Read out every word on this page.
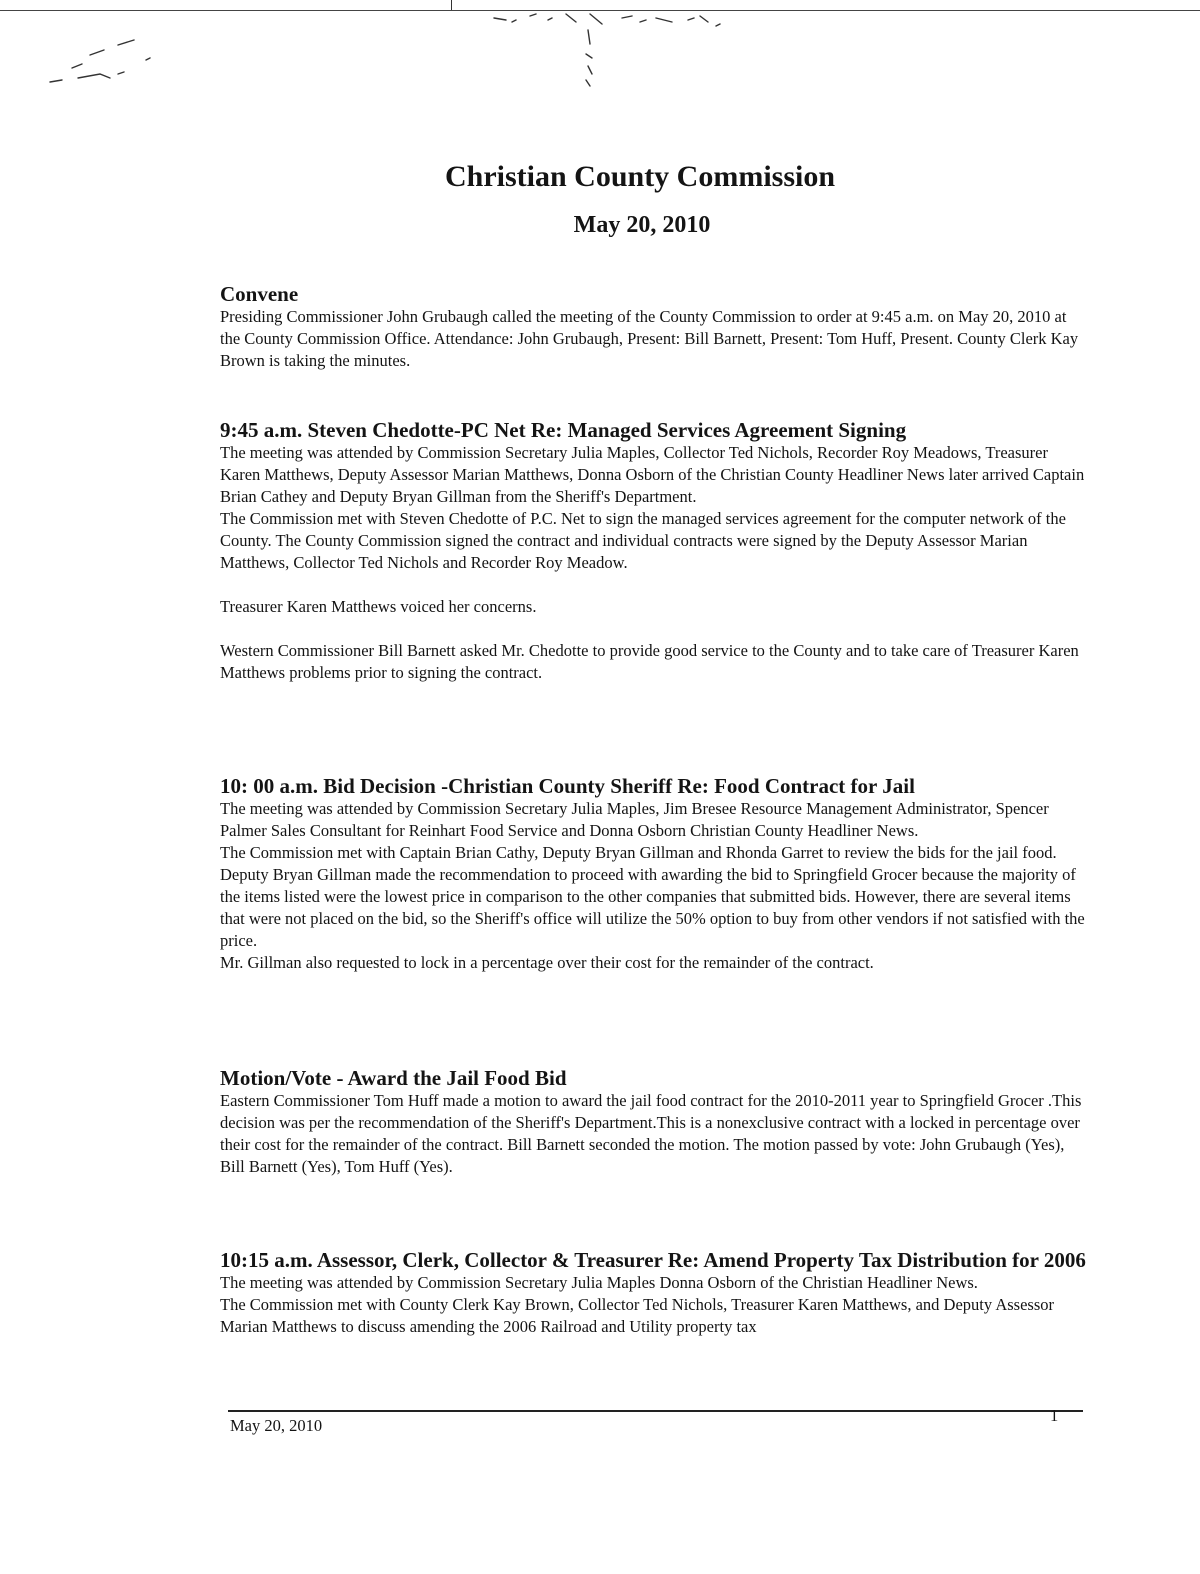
Christian County Commission
May 20, 2010
Convene

Presiding Commissioner John Grubaugh called the meeting of the County Commission to order at 9:45 a.m. on May 20, 2010 at the County Commission Office. Attendance: John Grubaugh, Present: Bill Barnett, Present: Tom Huff, Present. County Clerk Kay Brown is taking the minutes.

9:45 a.m. Steven Chedotte-PC Net Re: Managed Services Agreement Signing

The meeting was attended by Commission Secretary Julia Maples, Collector Ted Nichols, Recorder Roy Meadows, Treasurer Karen Matthews, Deputy Assessor Marian Matthews, Donna Osborn of the Christian County Headliner News later arrived Captain Brian Cathey and Deputy Bryan Gillman from the Sheriff's Department.

The Commission met with Steven Chedotte of P.C. Net to sign the managed services agreement for the computer network of the County. The County Commission signed the contract and individual contracts were signed by the Deputy Assessor Marian Matthews, Collector Ted Nichols and Recorder Roy Meadow.

Treasurer Karen Matthews voiced her concerns.

Western Commissioner Bill Barnett asked Mr. Chedotte to provide good service to the County and to take care of Treasurer Karen Matthews problems prior to signing the contract.

10: 00 a.m. Bid Decision -Christian County Sheriff Re: Food Contract for Jail

The meeting was attended by Commission Secretary Julia Maples, Jim Bresee Resource Management Administrator, Spencer Palmer Sales Consultant for Reinhart Food Service and Donna Osborn Christian County Headliner News.

The Commission met with Captain Brian Cathy, Deputy Bryan Gillman and Rhonda Garret to review the bids for the jail food. Deputy Bryan Gillman made the recommendation to proceed with awarding the bid to Springfield Grocer because the majority of the items listed were the lowest price in comparison to the other companies that submitted bids. However, there are several items that were not placed on the bid, so the Sheriff's office will utilize the 50% option to buy from other vendors if not satisfied with the price.

Mr. Gillman also requested to lock in a percentage over their cost for the remainder of the contract.

Motion/Vote - Award the Jail Food Bid

Eastern Commissioner Tom Huff made a motion to award the jail food contract for the 2010-2011 year to Springfield Grocer .This decision was per the recommendation of the Sheriff's Department.This is a nonexclusive contract with a locked in percentage over their cost for the remainder of the contract. Bill Barnett seconded the motion. The motion passed by vote: John Grubaugh (Yes), Bill Barnett (Yes), Tom Huff (Yes).

10:15 a.m. Assessor, Clerk, Collector & Treasurer Re: Amend Property Tax Distribution for 2006

The meeting was attended by Commission Secretary Julia Maples Donna Osborn of the Christian Headliner News.

The Commission met with County Clerk Kay Brown, Collector Ted Nichols, Treasurer Karen Matthews, and Deputy Assessor Marian Matthews to discuss amending the 2006 Railroad and Utility property tax

May 20, 2010
1
